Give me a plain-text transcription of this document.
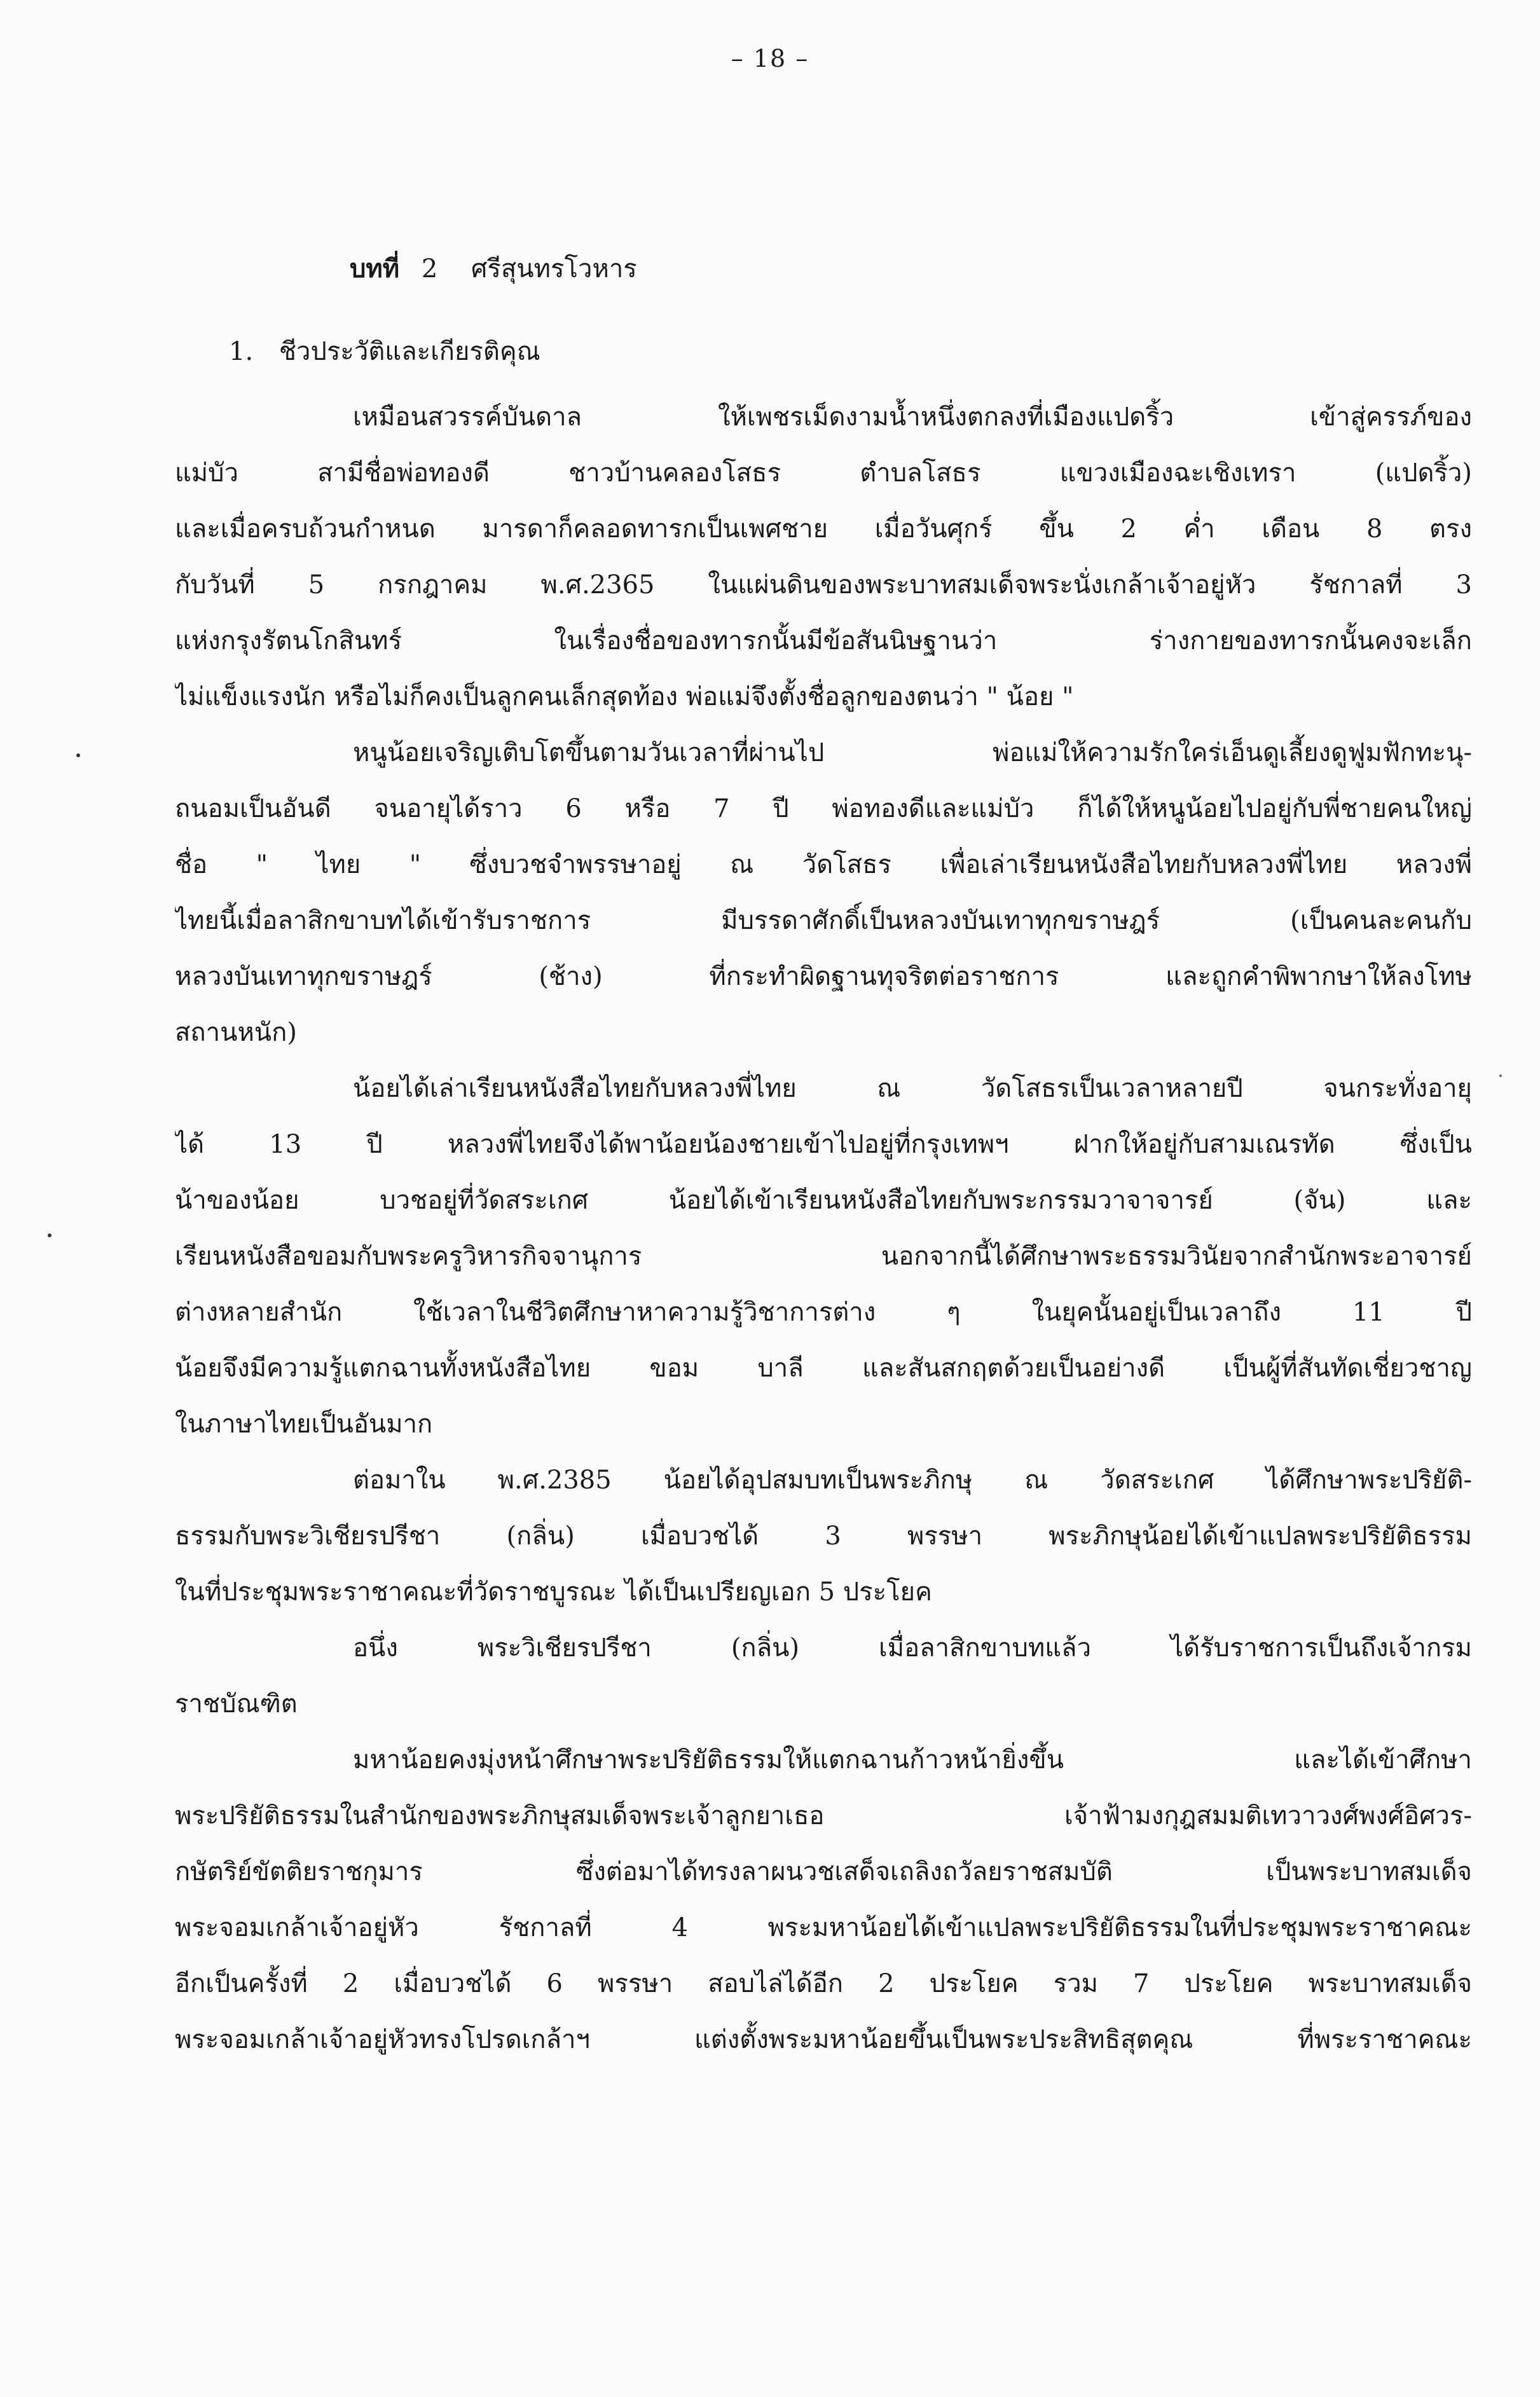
– 18 –
บทที่ 2 ศรีสุนทรโวหาร
1. ชีวประวัติและเกียรติคุณ
เหมือนสวรรค์บันดาล ให้เพชรเม็ดงามน้ำหนึ่งตกลงที่เมืองแปดริ้ว เข้าสู่ครรภ์ของ
แม่บัว สามีชื่อพ่อทองดี ชาวบ้านคลองโสธร ตำบลโสธร แขวงเมืองฉะเชิงเทรา (แปดริ้ว)
และเมื่อครบถ้วนกำหนด มารดาก็คลอดทารกเป็นเพศชาย เมื่อวันศุกร์ ขึ้น 2 ค่ำ เดือน 8 ตรง
กับวันที่ 5 กรกฎาคม พ.ศ.2365 ในแผ่นดินของพระบาทสมเด็จพระนั่งเกล้าเจ้าอยู่หัว รัชกาลที่ 3
แห่งกรุงรัตนโกสินทร์ ในเรื่องชื่อของทารกนั้นมีข้อสันนิษฐานว่า ร่างกายของทารกนั้นคงจะเล็ก
ไม่แข็งแรงนัก หรือไม่ก็คงเป็นลูกคนเล็กสุดท้อง พ่อแม่จึงตั้งชื่อลูกของตนว่า " น้อย "
หนูน้อยเจริญเติบโตขึ้นตามวันเวลาที่ผ่านไป พ่อแม่ให้ความรักใคร่เอ็นดูเลี้ยงดูฟูมฟักทะนุ-
ถนอมเป็นอันดี จนอายุได้ราว 6 หรือ 7 ปี พ่อทองดีและแม่บัว ก็ได้ให้หนูน้อยไปอยู่กับพี่ชายคนใหญ่
ชื่อ " ไทย " ซึ่งบวชจำพรรษาอยู่ ณ วัดโสธร เพื่อเล่าเรียนหนังสือไทยกับหลวงพี่ไทย หลวงพี่
ไทยนี้เมื่อลาสิกขาบทได้เข้ารับราชการ มีบรรดาศักดิ์เป็นหลวงบันเทาทุกขราษฎร์ (เป็นคนละคนกับ
หลวงบันเทาทุกขราษฎร์ (ช้าง) ที่กระทำผิดฐานทุจริตต่อราชการ และถูกคำพิพากษาให้ลงโทษ
สถานหนัก)
น้อยได้เล่าเรียนหนังสือไทยกับหลวงพี่ไทย ณ วัดโสธรเป็นเวลาหลายปี จนกระทั่งอายุ
ได้ 13 ปี หลวงพี่ไทยจึงได้พาน้อยน้องชายเข้าไปอยู่ที่กรุงเทพฯ ฝากให้อยู่กับสามเณรทัด ซึ่งเป็น
น้าของน้อย บวชอยู่ที่วัดสระเกศ น้อยได้เข้าเรียนหนังสือไทยกับพระกรรมวาจาจารย์ (จัน) และ
เรียนหนังสือขอมกับพระครูวิหารกิจจานุการ นอกจากนี้ได้ศึกษาพระธรรมวินัยจากสำนักพระอาจารย์
ต่างหลายสำนัก ใช้เวลาในชีวิตศึกษาหาความรู้วิชาการต่าง ๆ ในยุคนั้นอยู่เป็นเวลาถึง 11 ปี
น้อยจึงมีความรู้แตกฉานทั้งหนังสือไทย ขอม บาลี และสันสกฤตด้วยเป็นอย่างดี เป็นผู้ที่สันทัดเชี่ยวชาญ
ในภาษาไทยเป็นอันมาก
ต่อมาใน พ.ศ.2385 น้อยได้อุปสมบทเป็นพระภิกษุ ณ วัดสระเกศ ได้ศึกษาพระปริยัติ-
ธรรมกับพระวิเชียรปรีชา (กลิ่น) เมื่อบวชได้ 3 พรรษา พระภิกษุน้อยได้เข้าแปลพระปริยัติธรรม
ในที่ประชุมพระราชาคณะที่วัดราชบูรณะ ได้เป็นเปรียญเอก 5 ประโยค
อนึ่ง พระวิเชียรปรีชา (กลิ่น) เมื่อลาสิกขาบทแล้ว ได้รับราชการเป็นถึงเจ้ากรม
ราชบัณฑิต
มหาน้อยคงมุ่งหน้าศึกษาพระปริยัติธรรมให้แตกฉานก้าวหน้ายิ่งขึ้น และได้เข้าศึกษา
พระปริยัติธรรมในสำนักของพระภิกษุสมเด็จพระเจ้าลูกยาเธอ เจ้าฟ้ามงกุฎสมมติเทวาวงศ์พงศ์อิศวร-
กษัตริย์ขัตติยราชกุมาร ซึ่งต่อมาได้ทรงลาผนวชเสด็จเถลิงถวัลยราชสมบัติ เป็นพระบาทสมเด็จ
พระจอมเกล้าเจ้าอยู่หัว รัชกาลที่ 4 พระมหาน้อยได้เข้าแปลพระปริยัติธรรมในที่ประชุมพระราชาคณะ
อีกเป็นครั้งที่ 2 เมื่อบวชได้ 6 พรรษา สอบไล่ได้อีก 2 ประโยค รวม 7 ประโยค พระบาทสมเด็จ
พระจอมเกล้าเจ้าอยู่หัวทรงโปรดเกล้าฯ แต่งตั้งพระมหาน้อยขึ้นเป็นพระประสิทธิสุตคุณ ที่พระราชาคณะ
